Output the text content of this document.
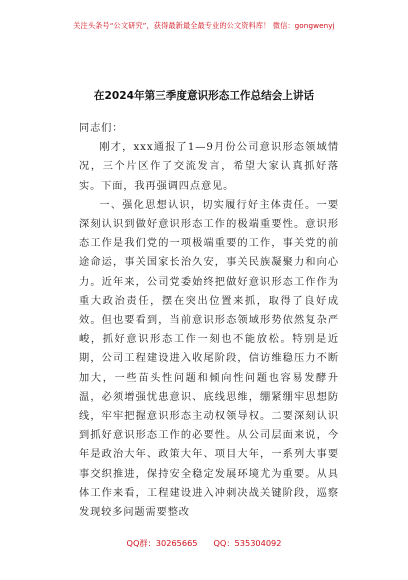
关注头条号“公文研究”，获得最新最全最专业的公文资料库！ 微信：gongwenyj
在2024年第三季度意识形态工作总结会上讲话

同志们：

刚才，xxx通报了1—9月份公司意识形态领域情况，三个片区作了交流发言，希望大家认真抓好落实。下面，我再强调四点意见。

一、强化思想认识，切实履行好主体责任。一要深刻认识到做好意识形态工作的极端重要性。意识形态工作是我们党的一项极端重要的工作，事关党的前途命运，事关国家长治久安，事关民族凝聚力和向心力。近年来，公司党委始终把做好意识形态工作作为重大政治责任，摆在突出位置来抓，取得了良好成效。但也要看到，当前意识形态领域形势依然复杂严峻，抓好意识形态工作一刻也不能放松。特别是近期，公司工程建设进入收尾阶段，信访维稳压力不断加大，一些苗头性问题和倾向性问题也容易发酵升温，必须增强忧患意识、底线思维，绷紧绷牢思想防线，牢牢把握意识形态主动权领导权。二要深刻认识到抓好意识形态工作的必要性。从公司层面来说，今年是政治大年、政策大年、项目大年，一系列大事要事交织推进，保持安全稳定发展环境尤为重要。从具体工作来看，工程建设进入冲刺决战关键阶段，巡察发现较多问题需要整改

QQ群：30265665 QQ：535304092
